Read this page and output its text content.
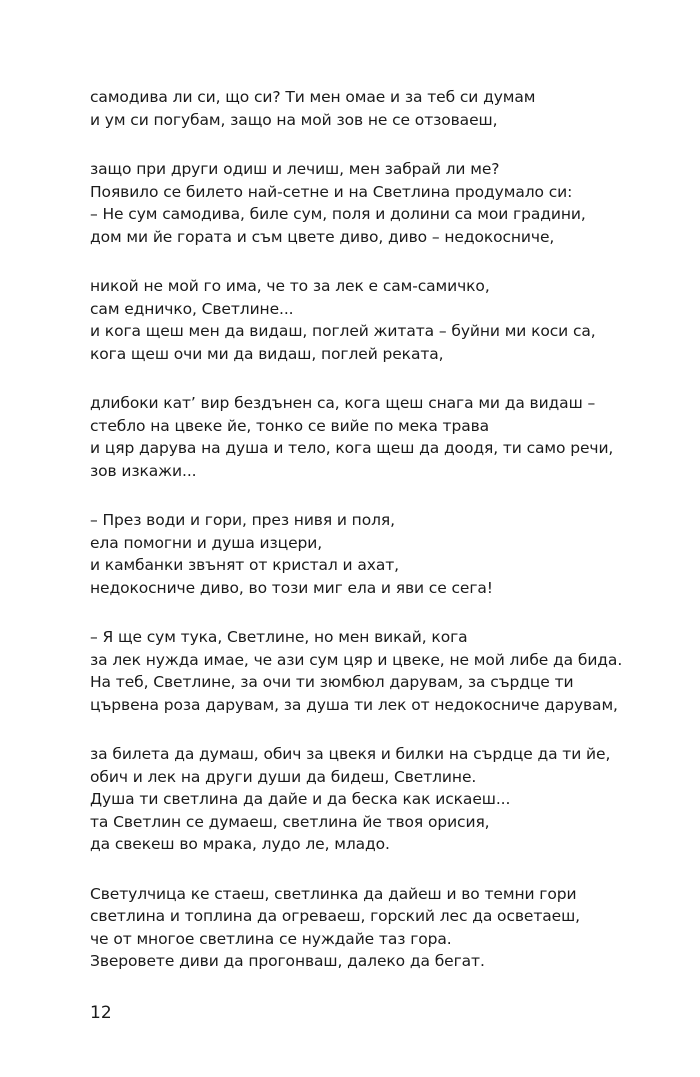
самодива ли си, що си? Ти мен омае и за теб си думам
и ум си погубам, защо на мой зов не се отзоваеш,
защо при други одиш и лечиш, мен забрай ли ме?
Появило се билето най-сетне и на Светлина продумало си:
– Не сум самодива, биле сум, поля и долини са мои градини,
дом ми йе гората и съм цвете диво, диво – недокосниче,
никой не мой го има, че то за лек е сам-самичко,
сам едничко, Светлине...
и кога щеш мен да видаш, поглей житата – буйни ми коси са,
кога щеш очи ми да видаш, поглей реката,
длибоки кат’ вир бездънен са, кога щеш снага ми да видаш –
стебло на цвеке йе, тонко се вийе по мека трава
и цяр дарува на душа и тело, кога щеш да доодя, ти само речи,
зов изкажи...
– През води и гори, през нивя и поля,
ела помогни и душа изцери,
и камбанки звънят от кристал и ахат,
недокосниче диво, во този миг ела и яви се сега!
– Я ще сум тука, Светлине, но мен викай, кога
за лек нужда имае, че ази сум цяр и цвеке, не мой либе да бида.
На теб, Светлине, за очи ти зюмбюл дарувам, за сърдце ти
цървена роза дарувам, за душа ти лек от недокосниче дарувам,
за билета да думаш, обич за цвекя и билки на сърдце да ти йе,
обич и лек на други души да бидеш, Светлине.
Душа ти светлина да дайе и да беска как искаеш...
та Светлин се думаеш, светлина йе твоя орисия,
да свекеш во мрака, лудо ле, младо.
Светулчица ке стаеш, светлинка да дайеш и во темни гори
светлина и топлина да огреваеш, горский лес да осветаеш,
че от многое светлина се нуждайе таз гора.
Зверовете диви да прогонваш, далеко да бегат.
12
